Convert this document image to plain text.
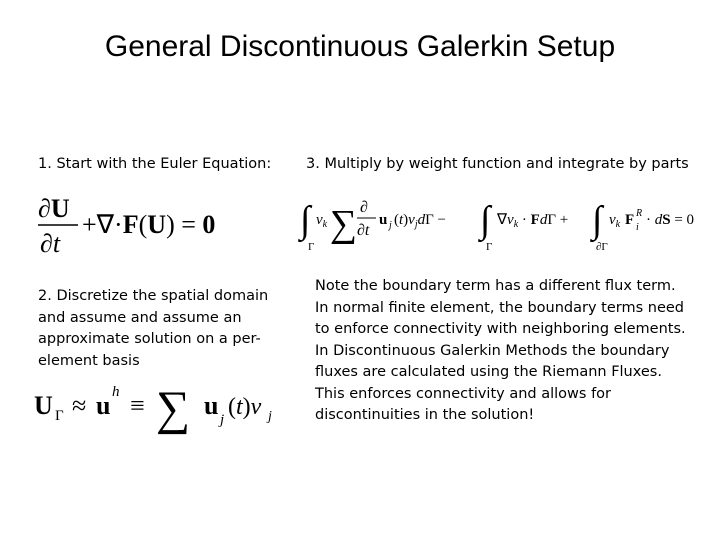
General Discontinuous Galerkin Setup
1. Start with the Euler Equation:
∂U
∂t
+∇·F(U) = 0
2. Discretize the spatial domain
and assume and assume an
approximate solution on a per-
element basis
U Γ ≈ u h ≡ ∑ u j (t)v j
3. Multiply by weight function and integrate by parts
∫
Γ
$v_k$ ∑ ∂
∂t
u j $(t)v_jd\Gamma$ − ∫
Γ
$\nabla v_k \cdot Fd\Gamma$ + ∫
∂Γ
$v_k$ F R
i · dS = 0
Note the boundary term has a different flux term.
In normal finite element, the boundary terms need
to enforce connectivity with neighboring elements.
In Discontinuous Galerkin Methods the boundary
fluxes are calculated using the Riemann Fluxes.
This enforces connectivity and allows for
discontinuities in the solution!
